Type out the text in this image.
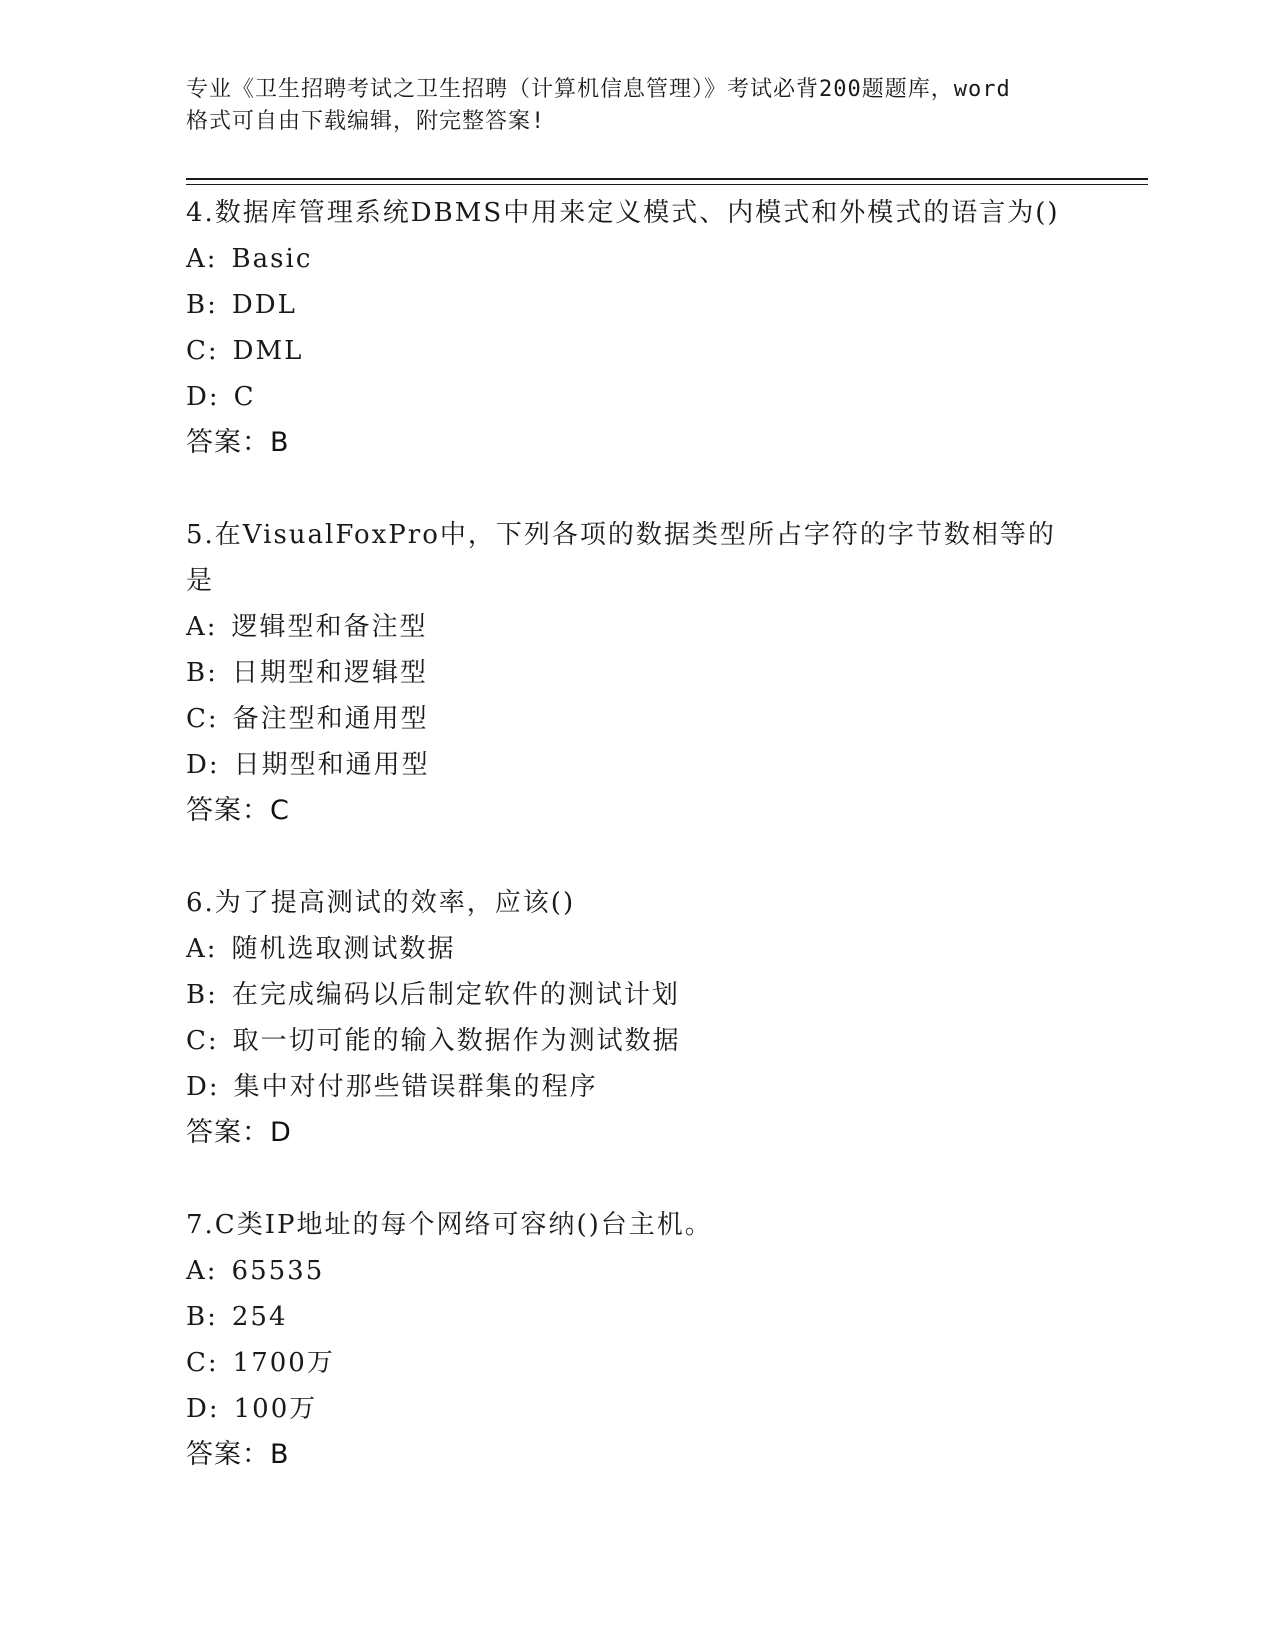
专业《卫生招聘考试之卫生招聘（计算机信息管理）》考试必背200题题库，word
格式可自由下载编辑，附完整答案!
4.数据库管理系统DBMS中用来定义模式、内模式和外模式的语言为()
A: Basic
B: DDL
C: DML
D: C
答案：B
5.在VisualFoxPro中，下列各项的数据类型所占字符的字节数相等的是
A: 逻辑型和备注型
B: 日期型和逻辑型
C: 备注型和通用型
D: 日期型和通用型
答案：C
6.为了提高测试的效率，应该()
A: 随机选取测试数据
B: 在完成编码以后制定软件的测试计划
C: 取一切可能的输入数据作为测试数据
D: 集中对付那些错误群集的程序
答案：D
7.C类IP地址的每个网络可容纳()台主机。
A: 65535
B: 254
C: 1700万
D: 100万
答案：B
